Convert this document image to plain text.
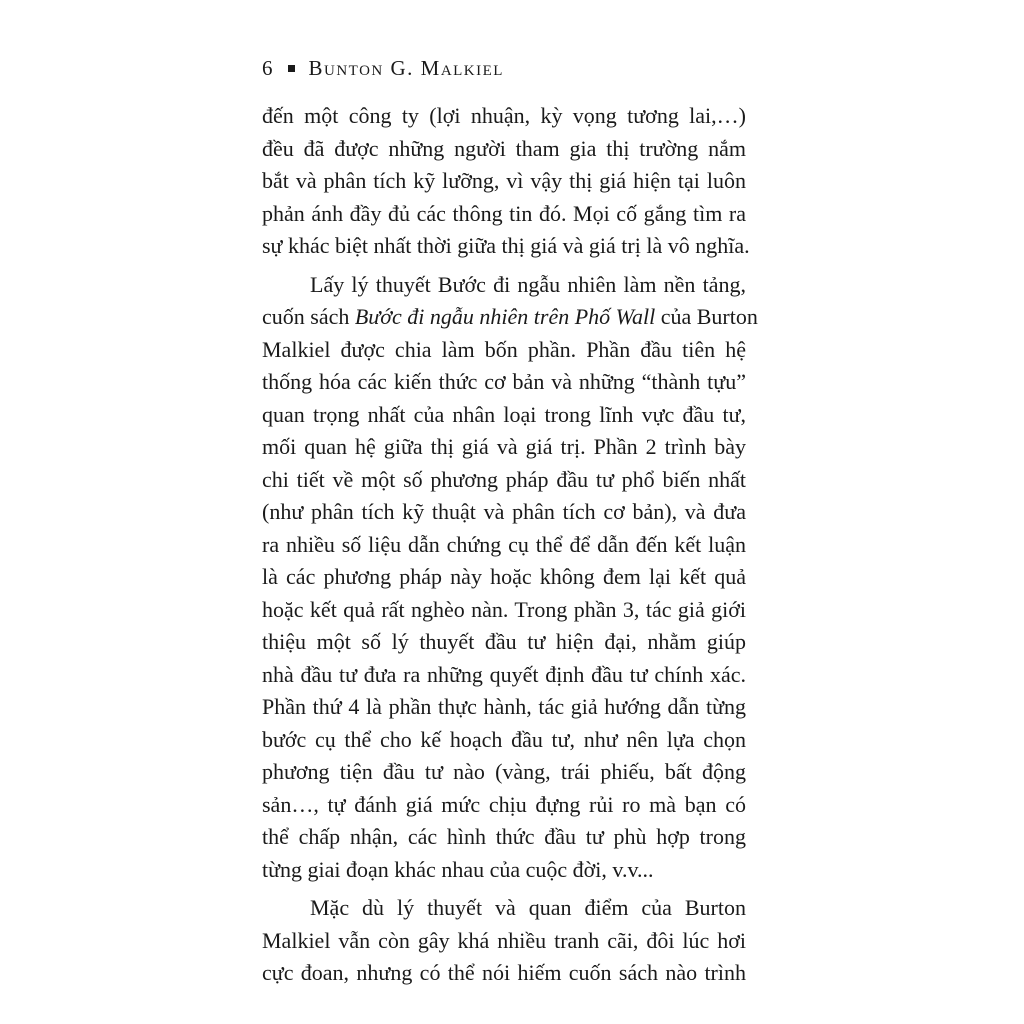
6 Bunton G. Malkiel
đến một công ty (lợi nhuận, kỳ vọng tương lai,…)
đều đã được những người tham gia thị trường nắm
bắt và phân tích kỹ lưỡng, vì vậy thị giá hiện tại luôn
phản ánh đầy đủ các thông tin đó. Mọi cố gắng tìm ra
sự khác biệt nhất thời giữa thị giá và giá trị là vô nghĩa.
Lấy lý thuyết Bước đi ngẫu nhiên làm nền tảng,
cuốn sách Bước đi ngẫu nhiên trên Phố Wall của Burton
Malkiel được chia làm bốn phần. Phần đầu tiên hệ
thống hóa các kiến thức cơ bản và những “thành tựu”
quan trọng nhất của nhân loại trong lĩnh vực đầu tư,
mối quan hệ giữa thị giá và giá trị. Phần 2 trình bày
chi tiết về một số phương pháp đầu tư phổ biến nhất
(như phân tích kỹ thuật và phân tích cơ bản), và đưa
ra nhiều số liệu dẫn chứng cụ thể để dẫn đến kết luận
là các phương pháp này hoặc không đem lại kết quả
hoặc kết quả rất nghèo nàn. Trong phần 3, tác giả giới
thiệu một số lý thuyết đầu tư hiện đại, nhằm giúp
nhà đầu tư đưa ra những quyết định đầu tư chính xác.
Phần thứ 4 là phần thực hành, tác giả hướng dẫn từng
bước cụ thể cho kế hoạch đầu tư, như nên lựa chọn
phương tiện đầu tư nào (vàng, trái phiếu, bất động
sản…, tự đánh giá mức chịu đựng rủi ro mà bạn có
thể chấp nhận, các hình thức đầu tư phù hợp trong
từng giai đoạn khác nhau của cuộc đời, v.v...
Mặc dù lý thuyết và quan điểm của Burton
Malkiel vẫn còn gây khá nhiều tranh cãi, đôi lúc hơi
cực đoan, nhưng có thể nói hiếm cuốn sách nào trình
